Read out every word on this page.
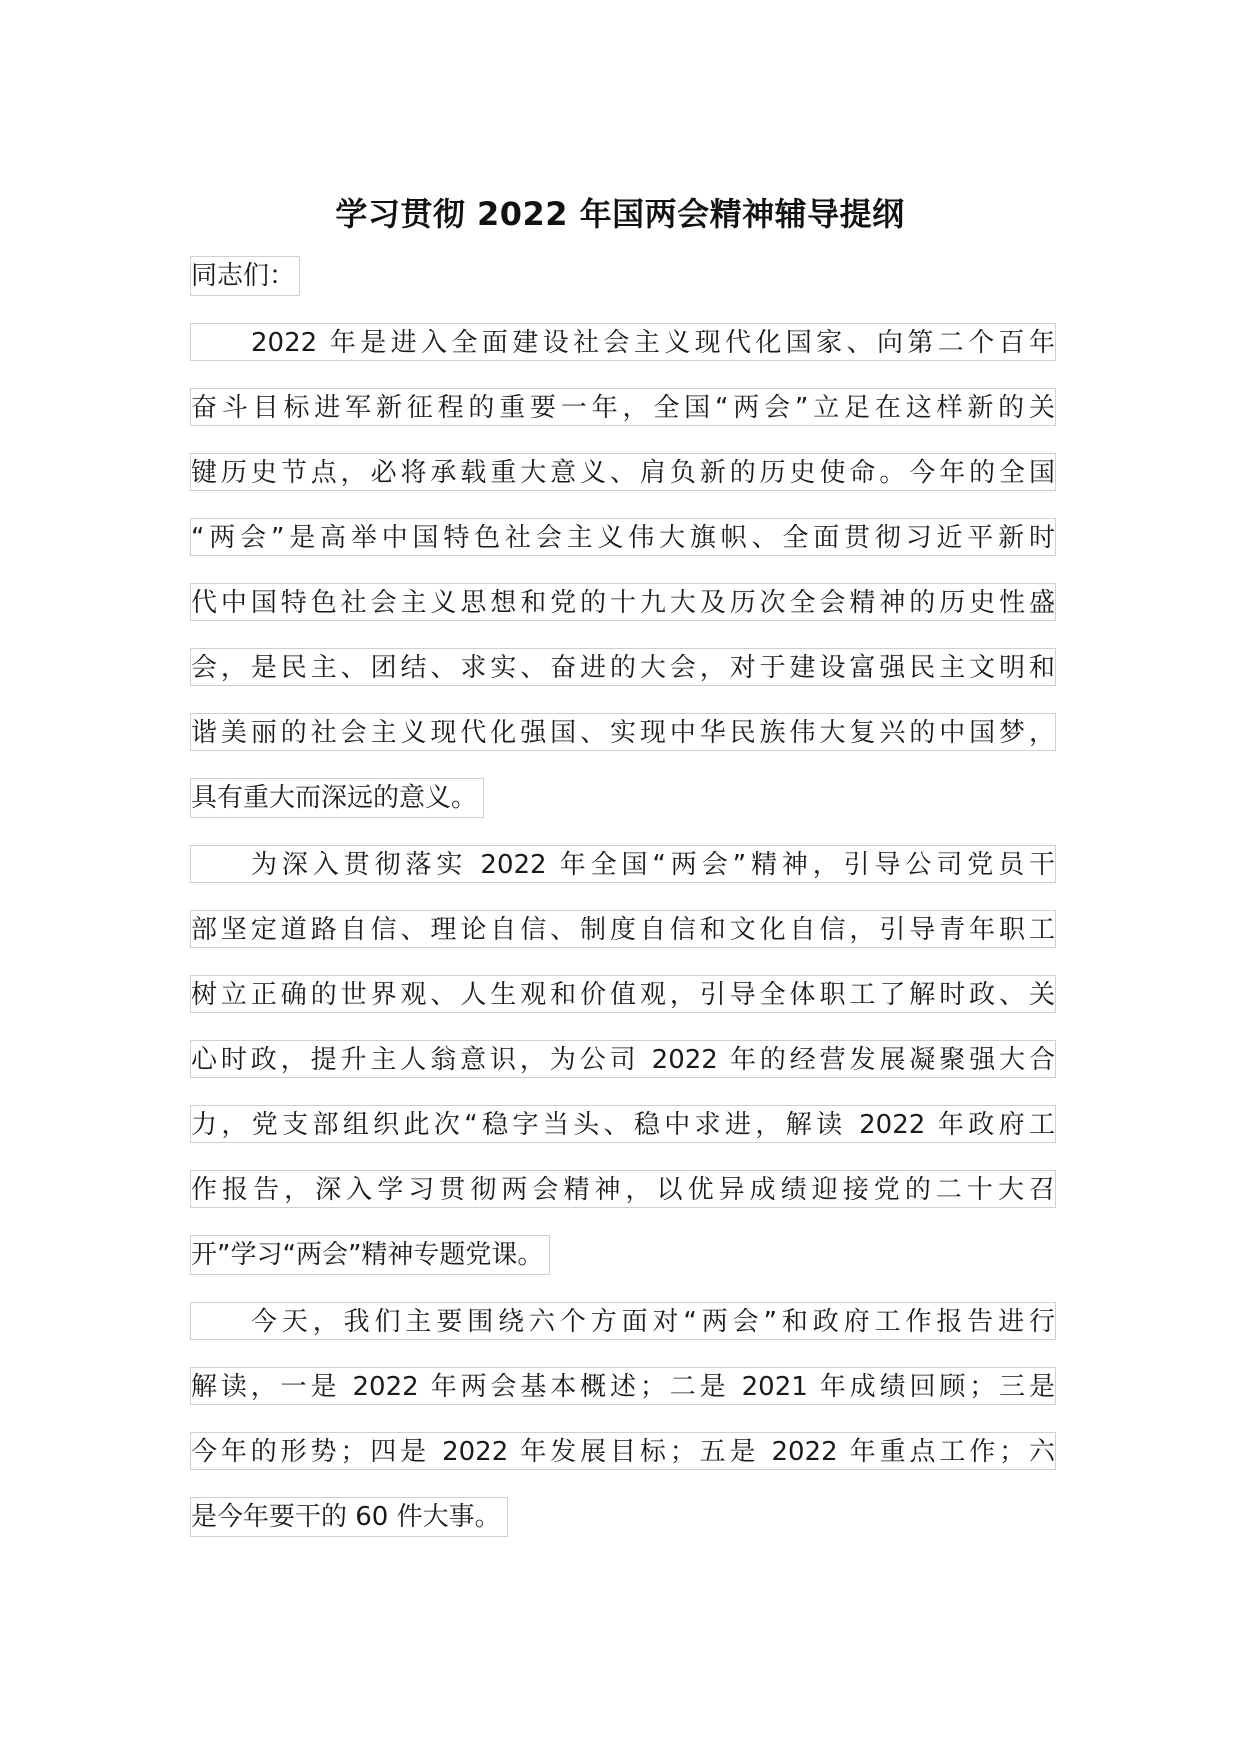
学习贯彻 2022 年国两会精神辅导提纲
同志们：
2022 年是进入全面建设社会主义现代化国家、向第二个百年
奋斗目标进军新征程的重要一年，全国“两会”立足在这样新的关
键历史节点，必将承载重大意义、肩负新的历史使命。今年的全国
“两会”是高举中国特色社会主义伟大旗帜、全面贯彻习近平新时
代中国特色社会主义思想和党的十九大及历次全会精神的历史性盛
会，是民主、团结、求实、奋进的大会，对于建设富强民主文明和
谐美丽的社会主义现代化强国、实现中华民族伟大复兴的中国梦，
具有重大而深远的意义。
为深入贯彻落实 2022 年全国“两会”精神，引导公司党员干
部坚定道路自信、理论自信、制度自信和文化自信，引导青年职工
树立正确的世界观、人生观和价值观，引导全体职工了解时政、关
心时政，提升主人翁意识，为公司 2022 年的经营发展凝聚强大合
力，党支部组织此次“稳字当头、稳中求进，解读 2022 年政府工
作报告，深入学习贯彻两会精神，以优异成绩迎接党的二十大召
开”学习“两会”精神专题党课。
今天，我们主要围绕六个方面对“两会”和政府工作报告进行
解读，一是 2022 年两会基本概述；二是 2021 年成绩回顾；三是
今年的形势；四是 2022 年发展目标；五是 2022 年重点工作；六
是今年要干的 60 件大事。
